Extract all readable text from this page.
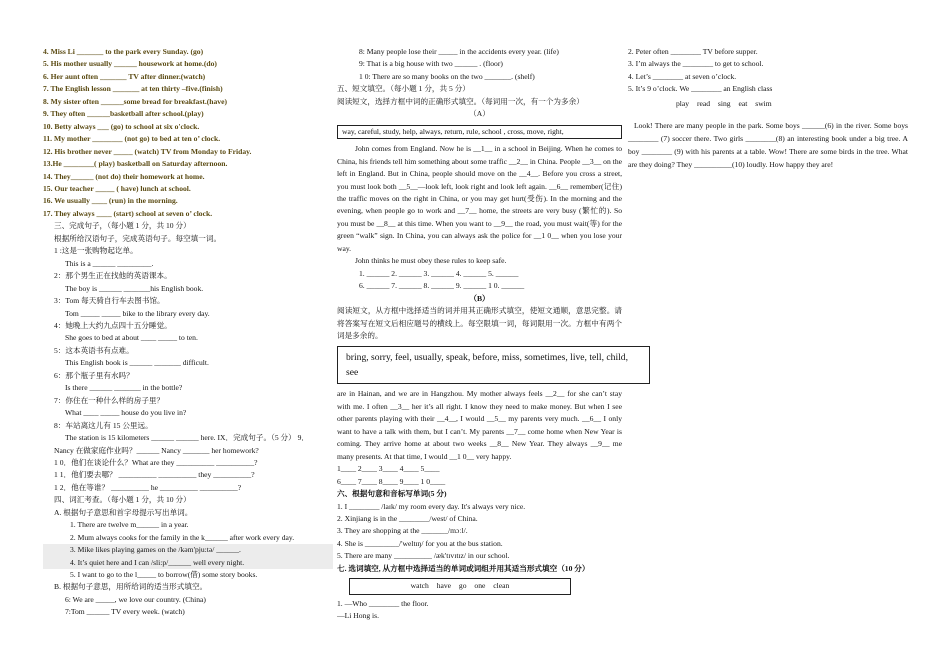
4. Miss Li _______ to the park every Sunday. (go)
5. His mother usually ______ housework at home.(do)
6. Her aunt often _______ TV after dinner.(watch)
7. The English lesson _______ at ten thirty –five.(finish)
8. My sister often ______some bread for breakfast.(have)
9. They often ______basketball after school.(play)
10. Betty always ___ (go) to school at six o'clock.
11. My mother ________ (not go) to bed at ten o’ clock.
12. His brother never _____ (watch) TV from Monday to Friday.
13.He ________( play) basketball on Saturday afternoon.
14. They______ (not do) their homework at home.
15. Our teacher _____ ( have) lunch at school.
16. We usually ____ (run) in the morning.
17. They always ____ (start) school at seven o’ clock.
三、完成句子，（每小题 1 分，共 10 分）
根据所给汉语句子，完成英语句子。每空填一词。
1 :这是一张购物起讫单。
This is a ______ _________.
2：那个男生正在找他的英语课本。
The boy is ______ _______his English book.
3：Tom 每天骑自行车去图书馆。
Tom _____ _____ bike to the library every day.
4：她晚上大约九点四十五分睡觉。
She goes to bed at about ____ _____ to ten.
5：这本英语书有点难。
This English book is ______ _______ difficult.
6：那个瓶子里有水吗？
Is there ______ _______ in the bottle?
7：你住在一种什么样的房子里？
What ____ _____ house do you live in?
8：车站离这儿有 15 公里远。
The station is 15 kilometers ______ ______ here. IX．完成句子。（5 分） 9．
Nancy 在做家庭作业吗？______ Nancy _______ her homework?
1 0．他们在谈论什么？What are they __________ __________?
1 1．他们要去哪？ __________ __________ they __________?
1 2．他在等谁？ __________ he __________ __________?
四、词汇考查。（每小题 1 分，共 10 分）
A. 根据句子意思和首字母提示写出单词。
1. There are twelve m______ in a year.
2. Mum always cooks for the family in the k______ after work every day.
3. Mike likes playing games on the /kəm'pju:tə/ ______.
4. It’s quiet here and I can /sli:p/______ well every night.
5. I want to go to the l_____ to borrow(借) some story books.
B. 根据句子意思，用所给词的适当形式填空。
6: We are _____, we love our country. (China)
7:Tom ______ TV every week. (watch)
8: Many people lose their _____ in the accidents every year. (life)
9: That is a big house with two ______ . (floor)
1 0: There are so many books on the two _______. (shelf)
五、短文填空。（每小题 1 分，共 5 分）
阅读短文，选择方框中词的正确形式填空。（每词用一次，有一个为多余）
（A）
way, careful, study, help, always, return, rule, school , cross, move, right,
John comes from England. Now he is __1__ in a school in Beijing. When he comes to China, his friends tell him something about some traffic __2__ in China. People __3__ on the left in England. But in China, people should move on the __4__. Before you cross a street, you must look both __5__—look left, look right and look left again. __6__ remember(记住) the traffic moves on the right in China, or you may get hurt(受伤). In the morning and the evening, when people go to work and __7__ home, the streets are very busy (繁忙的). So you must be __8__ at this time. When you want to __9__ the road, you must wait(等) for the green “walk” sign. In China, you can always ask the police for __1 0__ when you lose your way.
John thinks he must obey these rules to keep safe.
1. ______ 2. ______ 3. ______ 4. ______ 5. ______
6. ______ 7. ______ 8. ______ 9. ______ 1 0. ______
（B）
阅读短文，从方框中选择适当的词并用其正确形式填空，使短文通顺，意思完整。请将答案写在短文后相应题号的横线上。每空限填一词，每词限用一次。方框中有两个词是多余的。
bring, sorry, feel, usually, speak, before, miss, sometimes, live, tell, child, see
are in Hainan, and we are in Hangzhou. My mother always feels __2__ for she can’t stay with me. I often __3__ her it’s all right. I know they need to make money. But when I see other parents playing with their __4__, I would __5__ my parents very much. __6__ I only want to have a talk with them, but I can’t. My parents __7__ come home when New Year is coming. They arrive home at about two weeks __8__ New Year. They always __9__ me many presents. At that time, I would __1 0__ very happy.
1____ 2____ 3____ 4____ 5____
6____ 7____ 8____ 9____ 1 0____
六、根据句意和音标写单词(5 分)
1. I ________ /laɪk/ my room every day. It's always very nice.
2. Xinjiang is in the ________/west/ of China.
3. They are shopping at the _______/mɔːl/.
4. She is _________/'weltɪŋ/ for you at the bus station.
5. There are many __________ /æk'tɪvɪtɪz/ in our school.
七. 选词填空, 从方框中选择适当的单词或词组并用其适当形式填空（10 分）
watch have go one clean
1. —Who ________ the floor.
—Li Hong is.
2. Peter often ________ TV before supper.
3. I’m always the ________ to get to school.
4. Let’s ________ at seven o’clock.
5. It’s 9 o’clock. We ________ an English class
play read sing eat swim
Look! There are many people in the park. Some boys ______(6) in the river. Some boys ________ (7) soccer there. Two girls ________(8) an interesting book under a big tree. A boy ________ (9) with his parents at a table. Wow! There are some birds in the tree. What are they doing? They __________(10) loudly. How happy they are!
